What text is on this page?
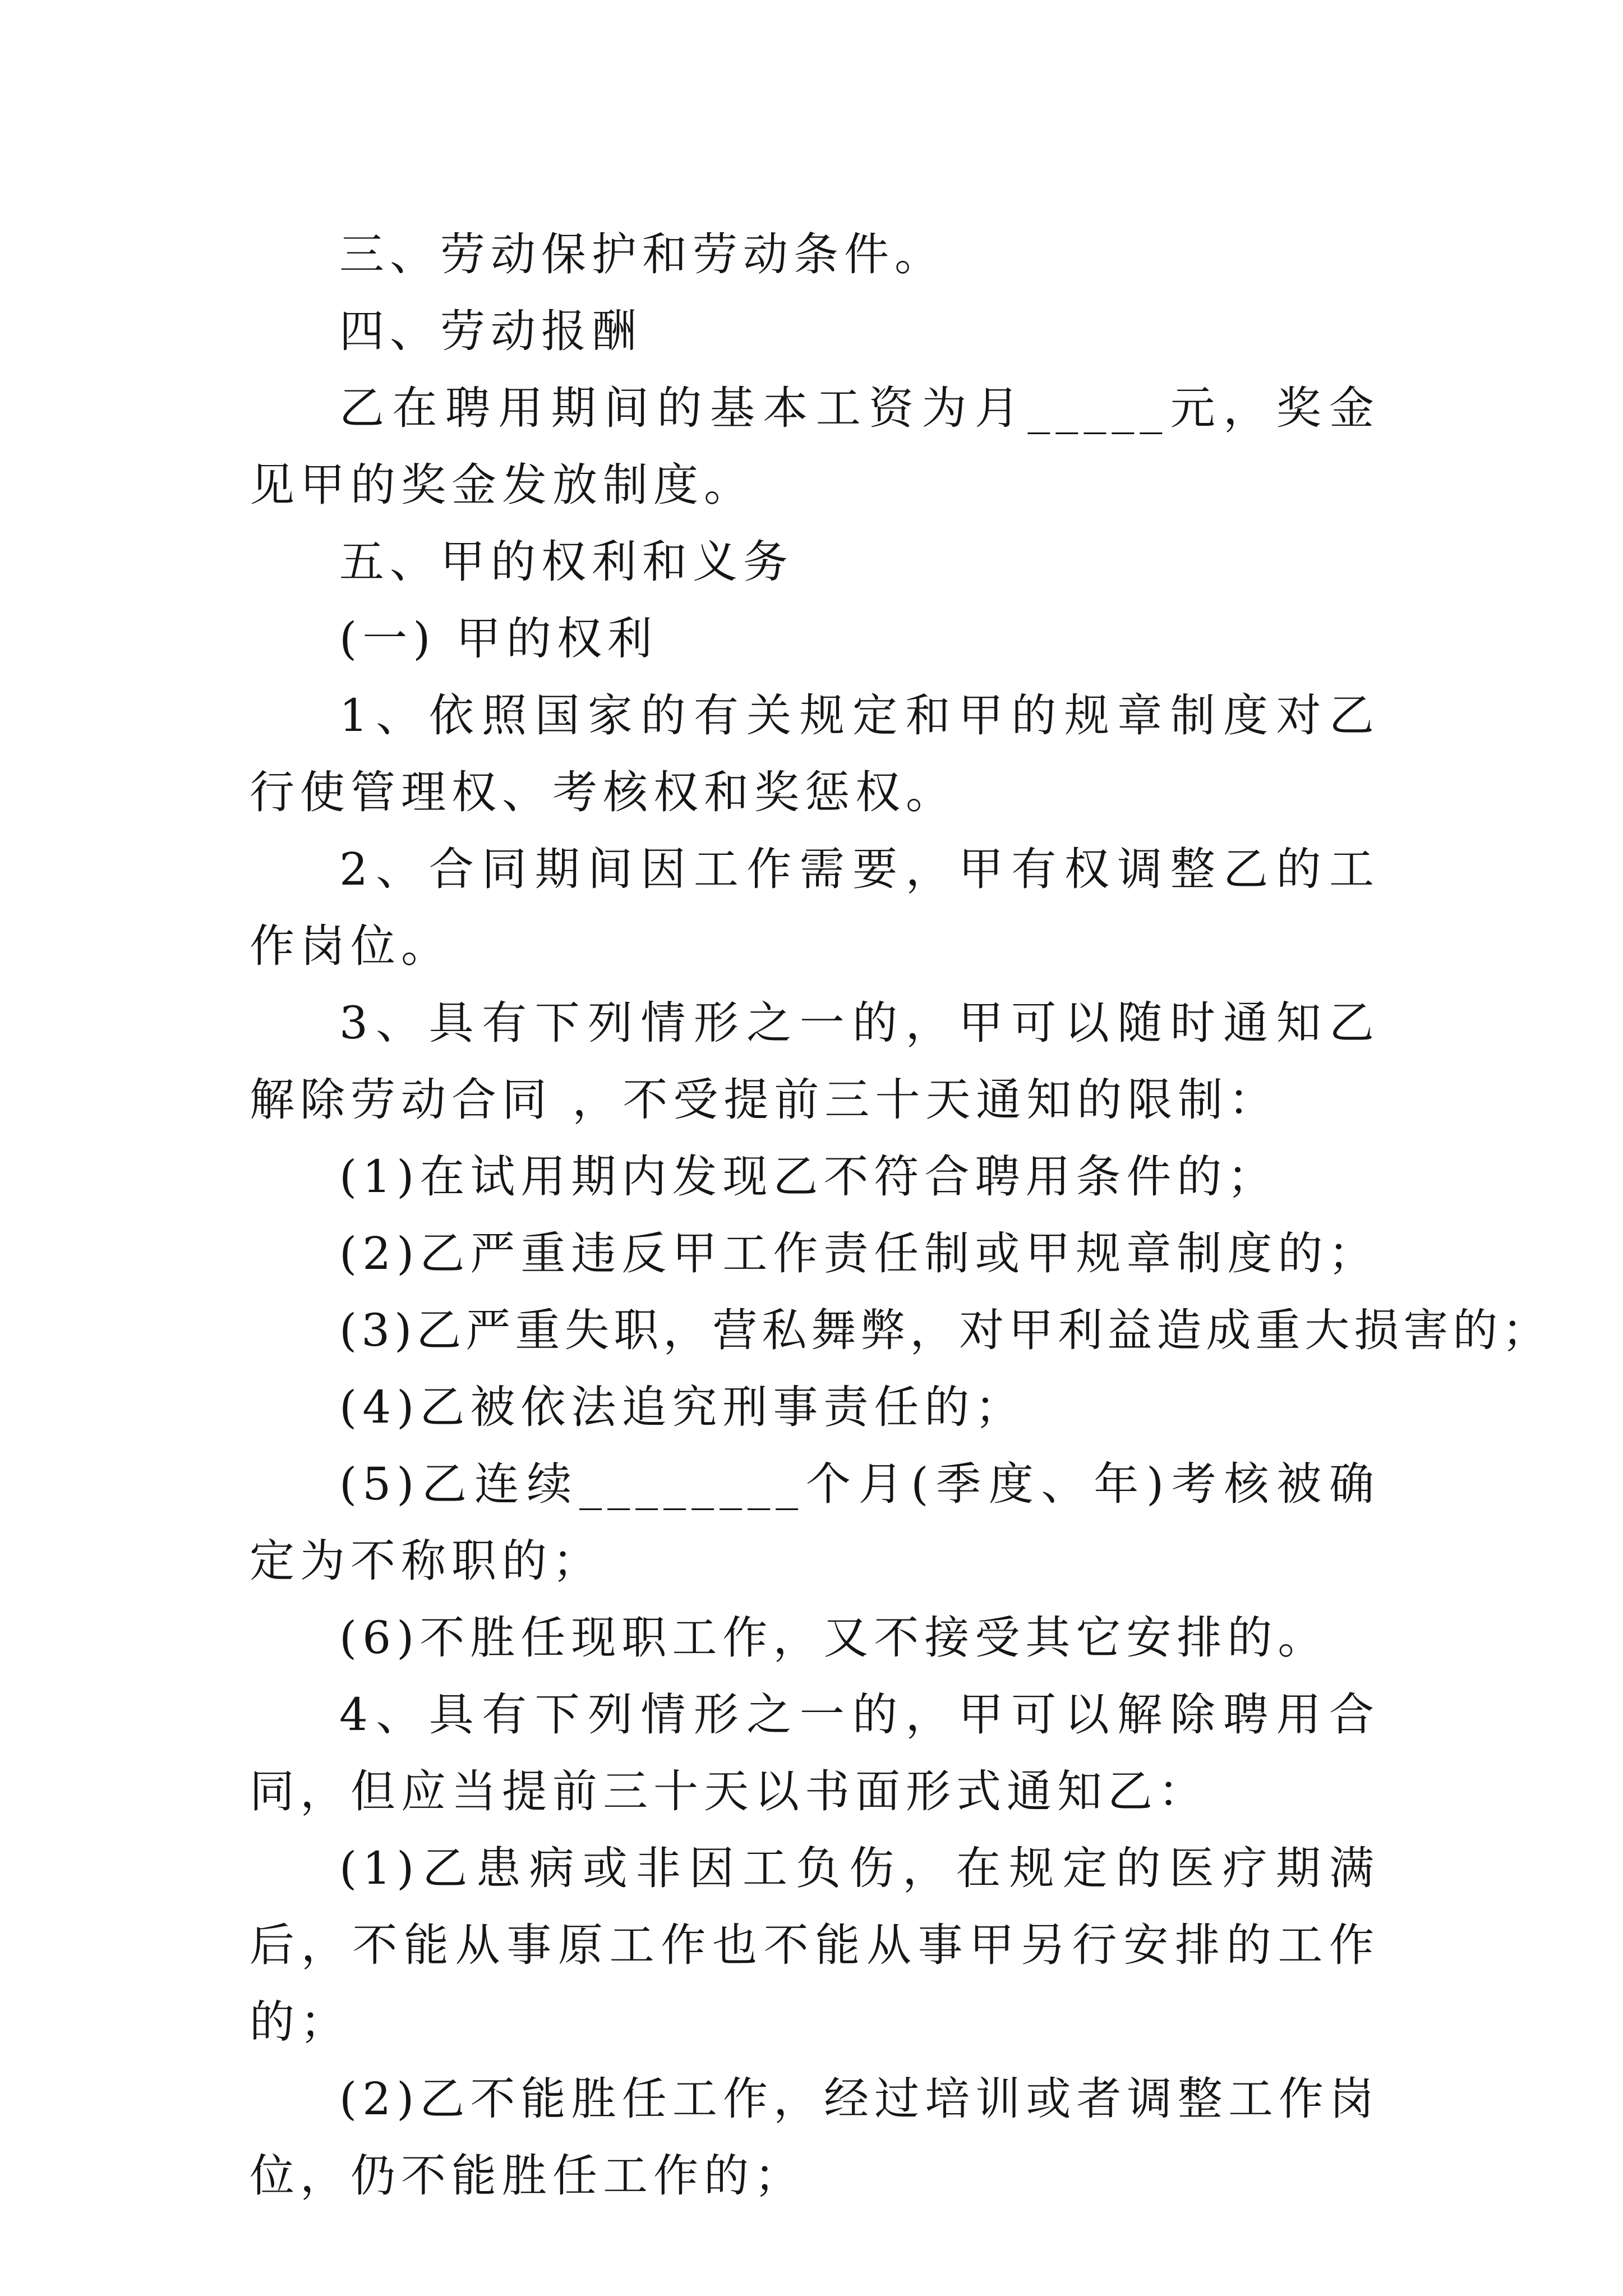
三、劳动保护和劳动条件。

四、劳动报酬

乙在聘用期间的基本工资为月_____元，奖金见甲的奖金发放制度。

五、甲的权利和义务

(一) 甲的权利

1、依照国家的有关规定和甲的规章制度对乙行使管理权、考核权和奖惩权。

2、合同期间因工作需要，甲有权调整乙的工作岗位。

3、具有下列情形之一的，甲可以随时通知乙解除劳动合同 ，不受提前三十天通知的限制：

(1)在试用期内发现乙不符合聘用条件的；

(2)乙严重违反甲工作责任制或甲规章制度的；

(3)乙严重失职，营私舞弊，对甲利益造成重大损害的；

(4)乙被依法追究刑事责任的；

(5)乙连续________个月(季度、年)考核被确定为不称职的；

(6)不胜任现职工作，又不接受其它安排的。

4、具有下列情形之一的，甲可以解除聘用合同，但应当提前三十天以书面形式通知乙：

(1)乙患病或非因工负伤，在规定的医疗期满后，不能从事原工作也不能从事甲另行安排的工作的；

(2)乙不能胜任工作，经过培训或者调整工作岗位，仍不能胜任工作的；
